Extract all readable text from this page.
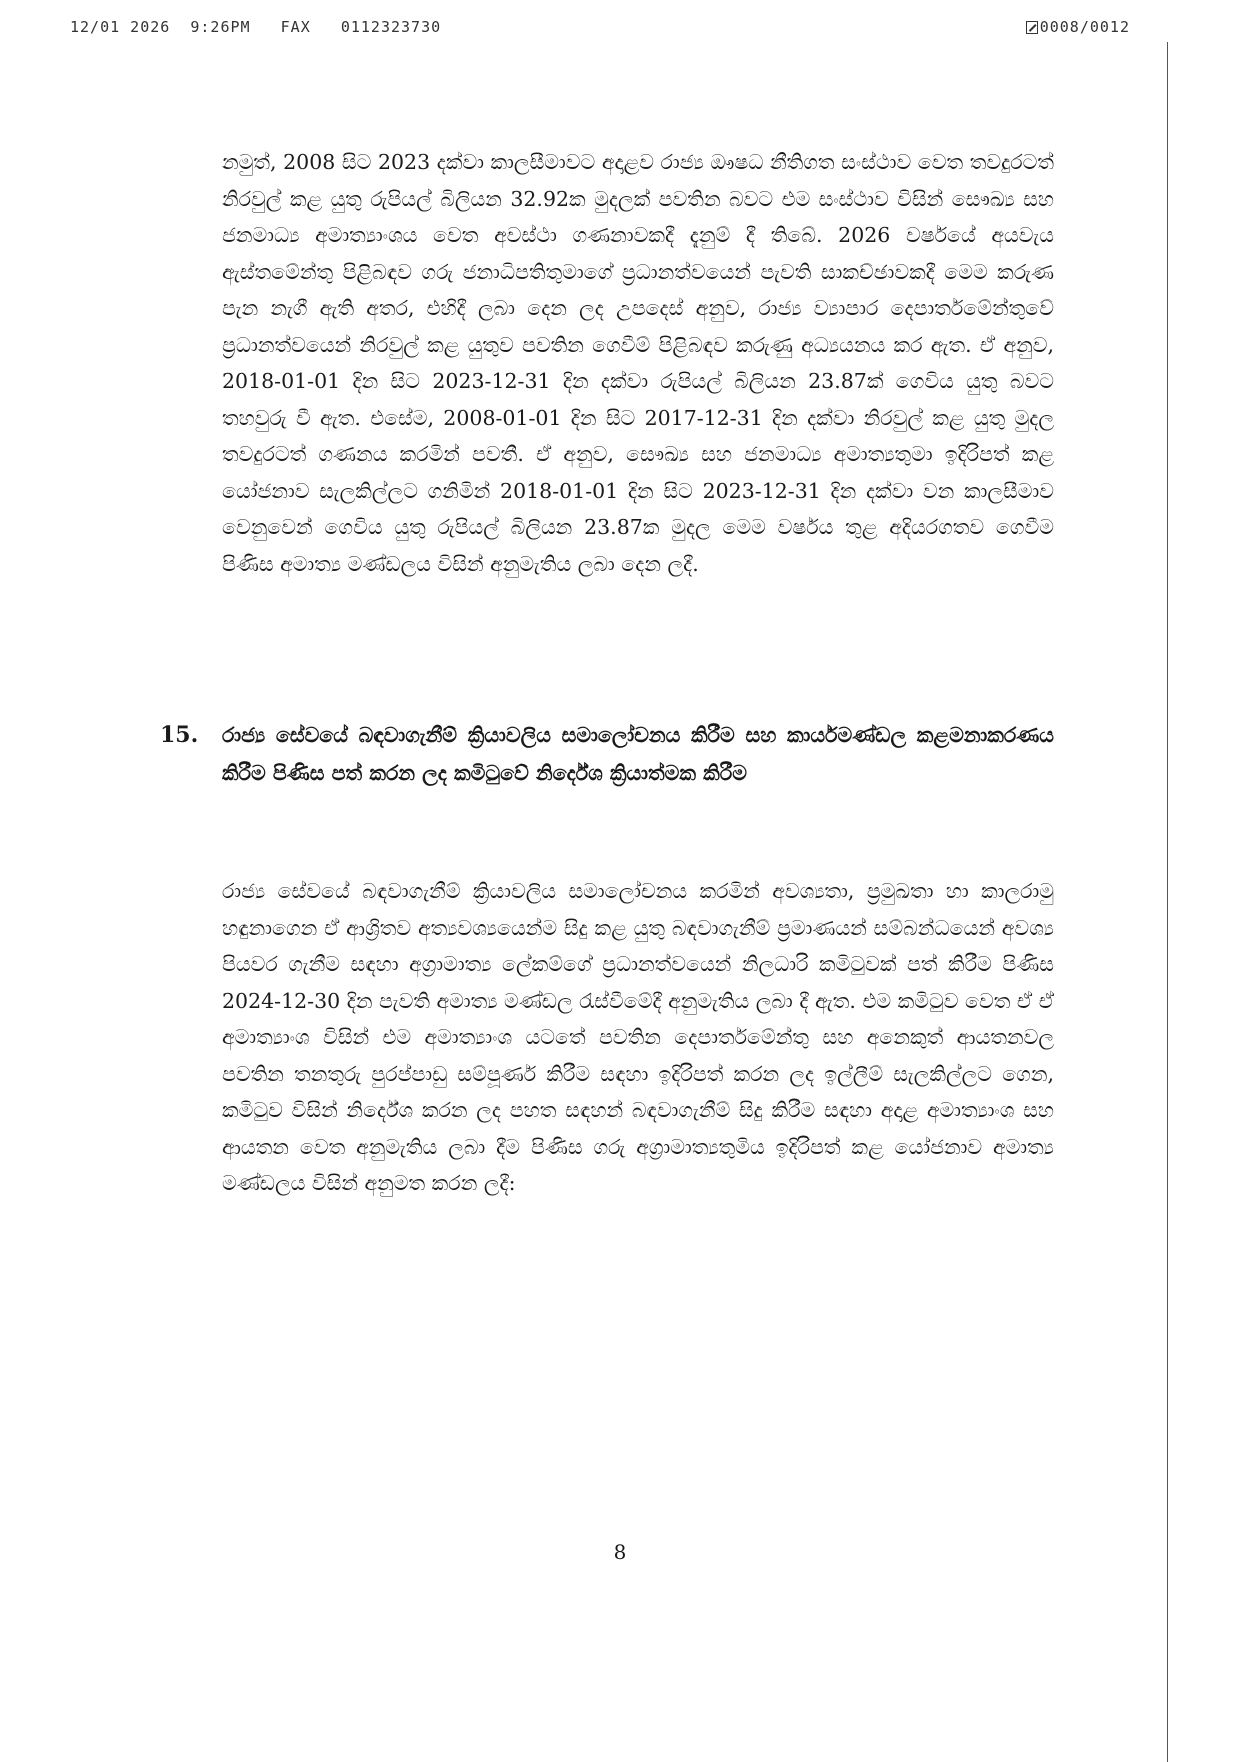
12/01 2026  9:26PM   FAX   0112323730	0008/0012

නමුත්, 2008 සිට 2023 දක්වා කාලසීමාවට අදාළව රාජ්‍ය ඖෂධ නීතිගත සංස්ථාව වෙත තවදුරටත් නිරවුල් කළ යුතු රුපියල් බිලියන 32.92ක මුදලක් පවතින බවට එම සංස්ථාව විසින් සෞඛ්‍ය සහ ජනමාධ්‍ය අමාත්‍යාංශය වෙත අවස්ථා ගණනාවකදී දැනුම් දී තිබේ. 2026 වර්ෂයේ අයවැය ඇස්තමේන්තු පිළිබඳව ගරු ජනාධිපතිතුමාගේ ප්‍රධානත්වයෙන් පැවති සාකච්ඡාවකදී මෙම කරුණ පැන නැගී ඇති අතර, එහිදී ලබා දෙන ලද උපදෙස් අනුව, රාජ්‍ය ව්‍යාපාර දෙපාර්තමේන්තුවේ ප්‍රධානත්වයෙන් නිරවුල් කළ යුතුව පවතින ගෙවීම් පිළිබඳව කරුණු අධ්‍යයනය කර ඇත. ඒ අනුව, 2018-01-01 දින සිට 2023-12-31 දින දක්වා රුපියල් බිලියන 23.87ක් ගෙවිය යුතු බවට තහවුරු වී ඇත. එසේම, 2008-01-01 දින සිට 2017-12-31 දින දක්වා නිරවුල් කළ යුතු මුදල තවදුරටත් ගණනය කරමින් පවතී. ඒ අනුව, සෞඛ්‍ය සහ ජනමාධ්‍ය අමාත්‍යතුමා ඉදිරිපත් කළ යෝජනාව සැලකිල්ලට ගනිමින් 2018-01-01 දින සිට 2023-12-31 දින දක්වා වන කාලසීමාව වෙනුවෙන් ගෙවිය යුතු රුපියල් බිලියන 23.87ක මුදල මෙම වර්ෂය තුළ අදියරගතව ගෙවීම පිණිස අමාත්‍ය මණ්ඩලය විසින් අනුමැතිය ලබා දෙන ලදී.

15. රාජ්‍ය සේවයේ බඳවාගැනීම් ක්‍රියාවලිය සමාලෝචනය කිරීම සහ කාර්යමණ්ඩල කළමනාකරණය කිරීම පිණිස පත් කරන ලද කමිටුවේ නිර්දේශ ක්‍රියාත්මක කිරීම

රාජ්‍ය සේවයේ බඳවාගැනීම් ක්‍රියාවලිය සමාලෝචනය කරමින් අවශ්‍යතා, ප්‍රමුඛතා හා කාලරාමු හඳුනාගෙන ඒ ආශ්‍රිතව අත්‍යවශ්‍යයෙන්ම සිදු කළ යුතු බඳවාගැනීම් ප්‍රමාණයන් සම්බන්ධයෙන් අවශ්‍ය පියවර ගැනීම සඳහා අග්‍රාමාත්‍ය ලේකම්ගේ ප්‍රධානත්වයෙන් නිලධාරි කමිටුවක් පත් කිරීම පිණිස 2024-12-30 දින පැවති අමාත්‍ය මණ්ඩල රැස්වීමේදී අනුමැතිය ලබා දී ඇත. එම කමිටුව වෙත ඒ ඒ අමාත්‍යාංශ විසින් එම අමාත්‍යාංශ යටතේ පවතින දෙපාර්තමේන්තු සහ අනෙකුත් ආයතනවල පවතින තනතුරු පුරප්පාඩු සම්පූර්ණ කිරීම සඳහා ඉදිරිපත් කරන ලද ඉල්ලීම් සැලකිල්ලට ගෙන, කමිටුව විසින් නිර්දේශ කරන ලද පහත සඳහන් බඳවාගැනීම් සිදු කිරීම සඳහා අදාළ අමාත්‍යාංශ සහ ආයතන වෙත අනුමැතිය ලබා දීම පිණිස ගරු අග්‍රාමාත්‍යතුමිය ඉදිරිපත් කළ යෝජනාව අමාත්‍ය මණ්ඩලය විසින් අනුමත කරන ලදී:

8
